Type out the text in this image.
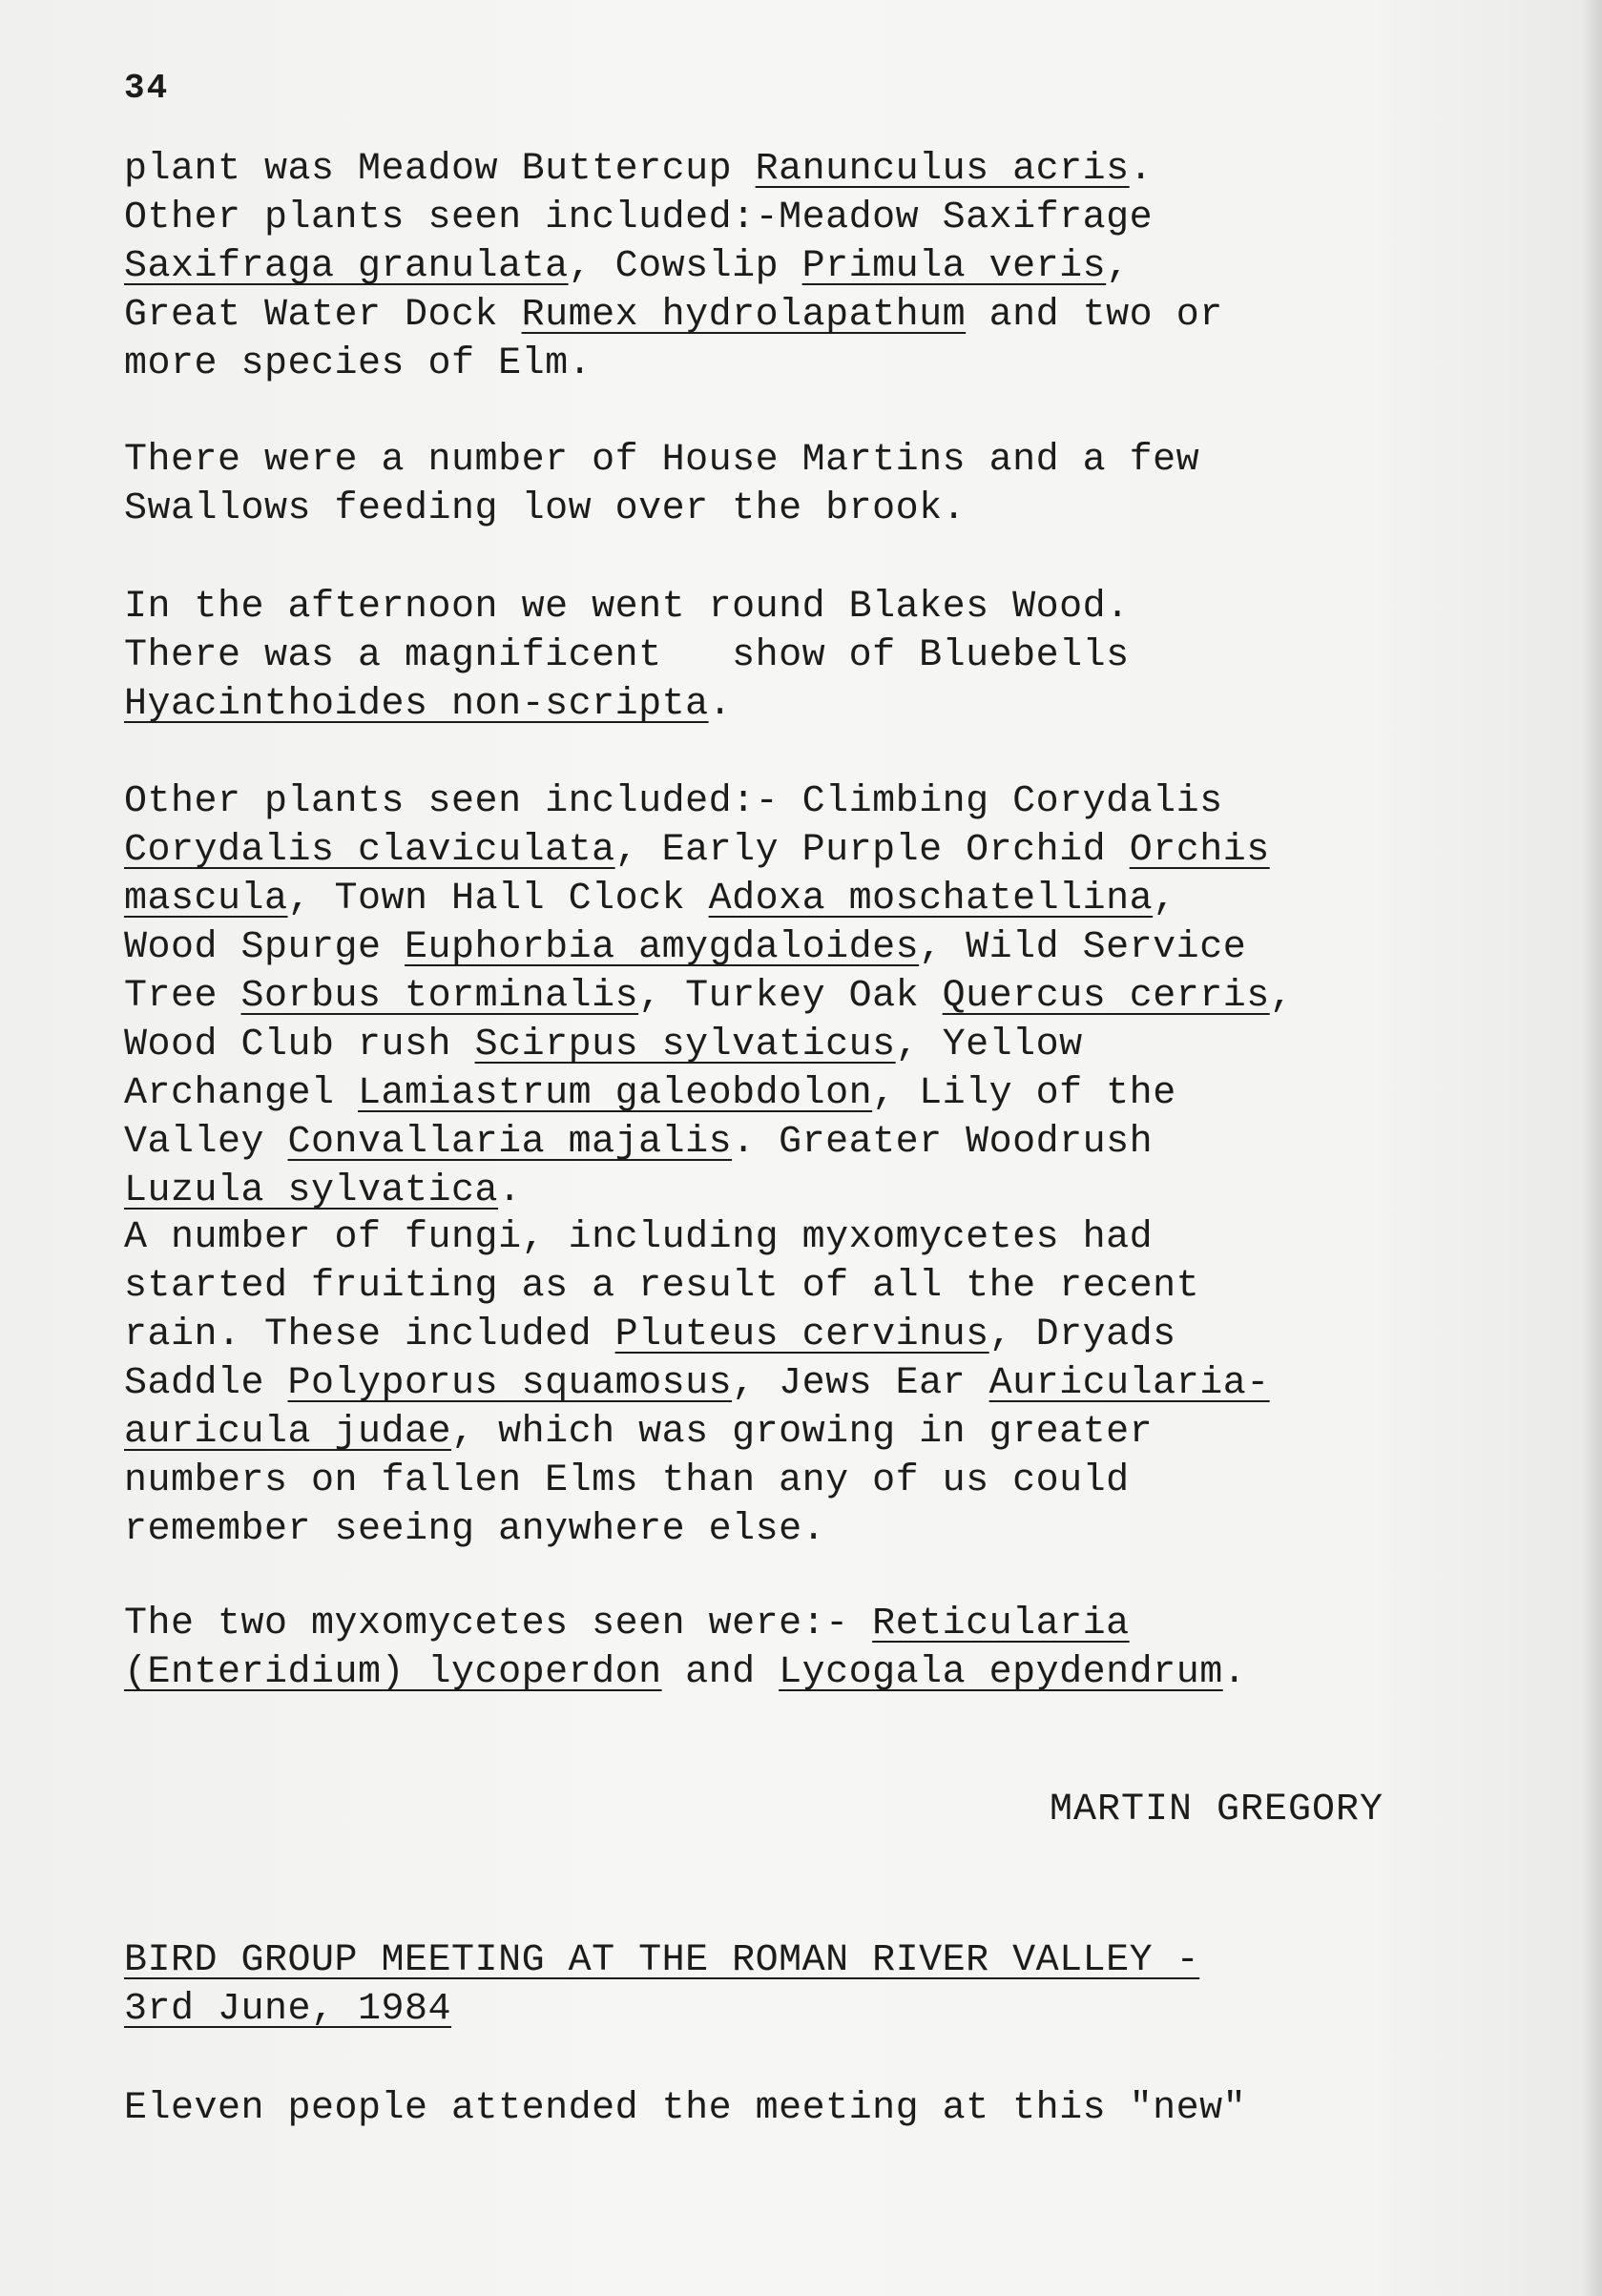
34
plant was Meadow Buttercup Ranunculus acris.
Other plants seen included:-Meadow Saxifrage
Saxifraga granulata, Cowslip Primula veris,
Great Water Dock Rumex hydrolapathum and two or
more species of Elm.
There were a number of House Martins and a few
Swallows feeding low over the brook.
In the afternoon we went round Blakes Wood.
There was a magnificent   show of Bluebells
Hyacinthoides non-scripta.
Other plants seen included:- Climbing Corydalis
Corydalis claviculata, Early Purple Orchid Orchis
mascula, Town Hall Clock Adoxa moschatellina,
Wood Spurge Euphorbia amygdaloides, Wild Service
Tree Sorbus torminalis, Turkey Oak Quercus cerris,
Wood Club rush Scirpus sylvaticus, Yellow
Archangel Lamiastrum galeobdolon, Lily of the
Valley Convallaria majalis. Greater Woodrush
Luzula sylvatica.
A number of fungi, including myxomycetes had
started fruiting as a result of all the recent
rain. These included Pluteus cervinus, Dryads
Saddle Polyporus squamosus, Jews Ear Auricularia-
auricula judae, which was growing in greater
numbers on fallen Elms than any of us could
remember seeing anywhere else.
The two myxomycetes seen were:- Reticularia
(Enteridium) lycoperdon and Lycogala epydendrum.

MARTIN GREGORY

BIRD GROUP MEETING AT THE ROMAN RIVER VALLEY -
3rd June, 1984
Eleven people attended the meeting at this "new"
